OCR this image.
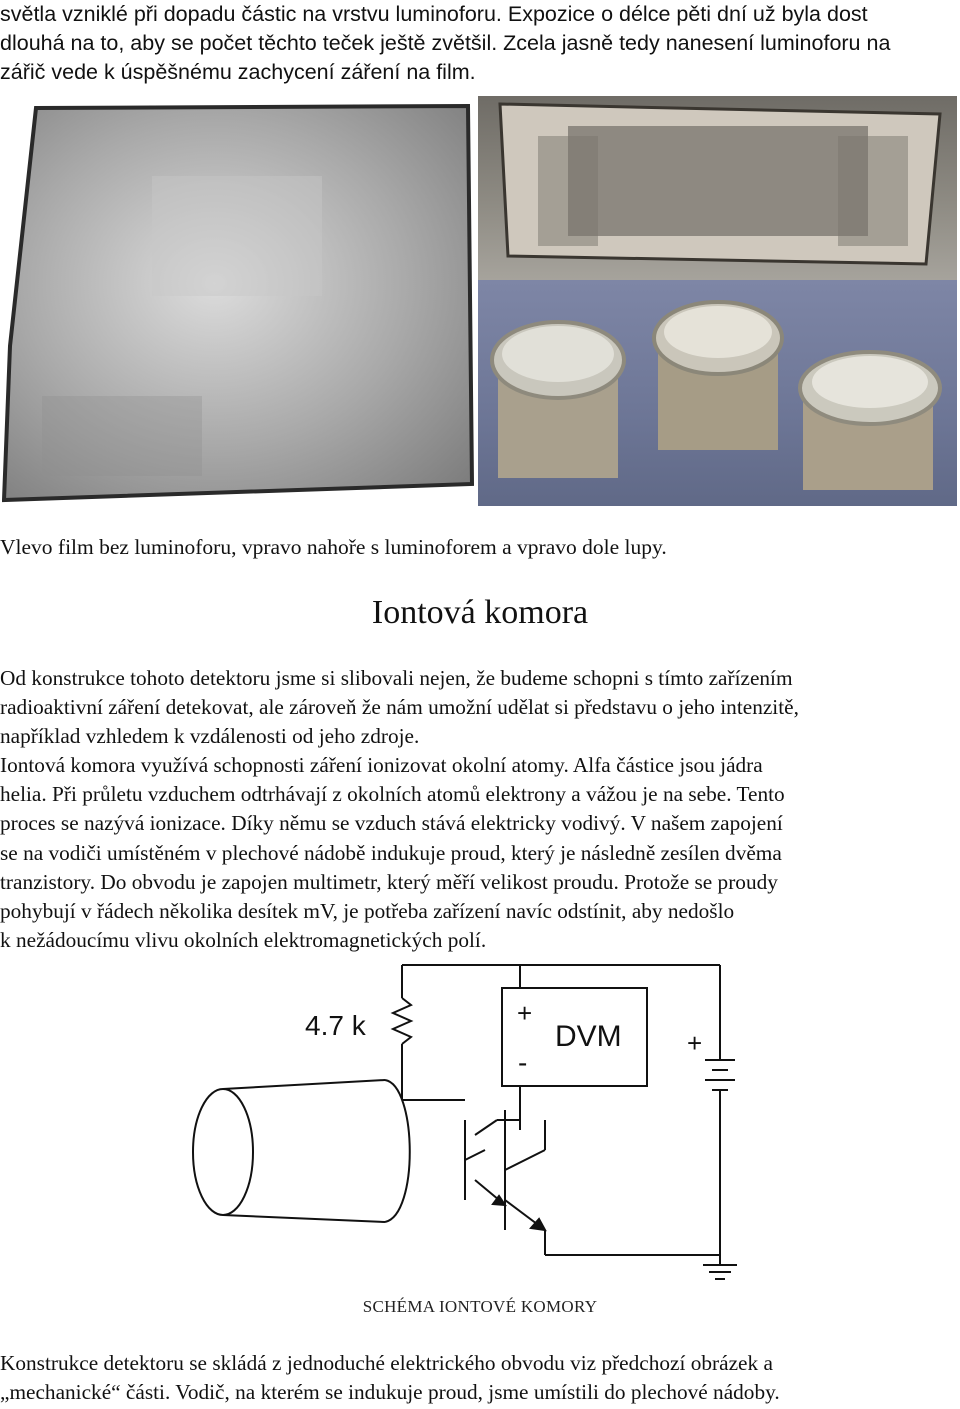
světla vzniklé při dopadu částic na vrstvu luminoforu. Expozice o délce pěti dní už byla dost
dlouhá na to, aby se počet těchto teček ještě zvětšil. Zcela jasně tedy nanesení luminoforu na
zářič vede k úspěšnému zachycení záření na film.
Vlevo film bez luminoforu, vpravo nahoře s luminoforem a vpravo dole lupy.
Iontová komora

Od konstrukce tohoto detektoru jsme si slibovali nejen, že budeme schopni s tímto zařízením

radioaktivní záření detekovat, ale zároveň že nám umožní udělat si představu o jeho intenzitě,

například vzhledem k vzdálenosti od jeho zdroje.

Iontová komora využívá schopnosti záření ionizovat okolní atomy. Alfa částice jsou jádra

helia. Při průletu vzduchem odtrhávají z okolních atomů elektrony a vážou je na sebe. Tento

proces se nazývá ionizace. Díky němu se vzduch stává elektricky vodivý. V našem zapojení

se na vodiči umístěném v plechové nádobě indukuje proud, který je následně zesílen dvěma

tranzistory. Do obvodu je zapojen multimetr, který měří velikost proudu. Protože se proudy

pohybují v řádech několika desítek mV, je potřeba zařízení navíc odstínit, aby nedošlo

k nežádoucímu vlivu okolních elektromagnetických polí.

4.7 k	+
-
DVM	+
SCHÉMA IONTOVÉ KOMORY

Konstrukce detektoru se skládá z jednoduché elektrického obvodu viz předchozí obrázek a

„mechanické“ části. Vodič, na kterém se indukuje proud, jsme umístili do plechové nádoby.
